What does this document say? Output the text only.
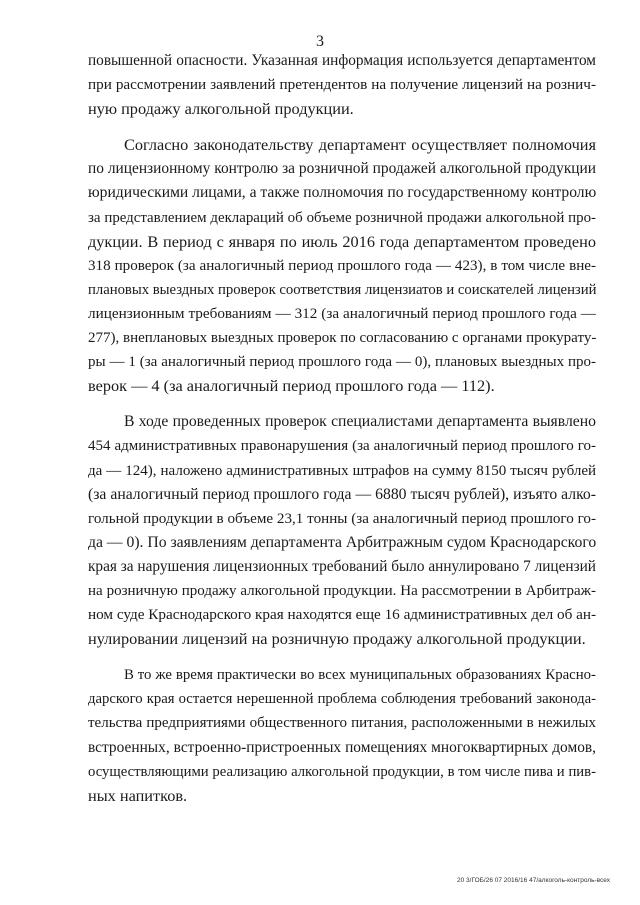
3

повышенной опасности. Указанная информация используется департаментом
при рассмотрении заявлений претендентов на получение лицензий на рознич-
ную продажу алкогольной продукции.

Согласно законодательству департамент осуществляет полномочия
по лицензионному контролю за розничной продажей алкогольной продукции
юридическими лицами, а также полномочия по государственному контролю
за представлением деклараций об объеме розничной продажи алкогольной про-
дукции. В период с января по июль 2016 года департаментом проведено
318 проверок (за аналогичный период прошлого года — 423), в том числе вне-
плановых выездных проверок соответствия лицензиатов и соискателей лицензий
лицензионным требованиям — 312 (за аналогичный период прошлого года —
277), внеплановых выездных проверок по согласованию с органами прокурату-
ры — 1 (за аналогичный период прошлого года — 0), плановых выездных про-
верок — 4 (за аналогичный период прошлого года — 112).

В ходе проведенных проверок специалистами департамента выявлено
454 административных правонарушения (за аналогичный период прошлого го-
да — 124), наложено административных штрафов на сумму 8150 тысяч рублей
(за аналогичный период прошлого года — 6880 тысяч рублей), изъято алко-
гольной продукции в объеме 23,1 тонны (за аналогичный период прошлого го-
да — 0). По заявлениям департамента Арбитражным судом Краснодарского
края за нарушения лицензионных требований было аннулировано 7 лицензий
на розничную продажу алкогольной продукции. На рассмотрении в Арбитраж-
ном суде Краснодарского края находятся еще 16 административных дел об ан-
нулировании лицензий на розничную продажу алкогольной продукции.

В то же время практически во всех муниципальных образованиях Красно-
дарского края остается нерешенной проблема соблюдения требований законода-
тельства предприятиями общественного питания, расположенными в нежилых
встроенных, встроенно-пристроенных помещениях многоквартирных домов,
осуществляющими реализацию алкогольной продукции, в том числе пива и пив-
ных напитков.

20 3/ГОБ/26 07 2016/16 47/алкоголь-контроль-всех
